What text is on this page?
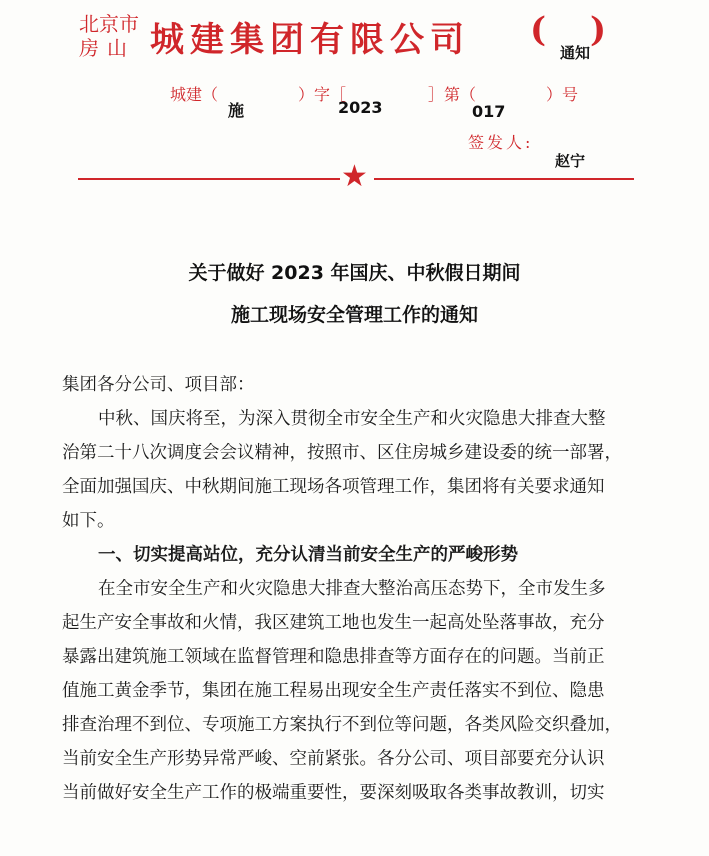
北京市
房山 城建集团有限公司 ( )
通知
城建（
施
）字［
2023
］第（
017
）号
签发人:
赵宁
★
关于做好 2023 年国庆、中秋假日期间
施工现场安全管理工作的通知
集团各分公司、项目部：
中秋、国庆将至，为深入贯彻全市安全生产和火灾隐患大排查大整
治第二十八次调度会会议精神，按照市、区住房城乡建设委的统一部署，
全面加强国庆、中秋期间施工现场各项管理工作，集团将有关要求通知
如下。
一、切实提高站位，充分认清当前安全生产的严峻形势
在全市安全生产和火灾隐患大排查大整治高压态势下，全市发生多
起生产安全事故和火情，我区建筑工地也发生一起高处坠落事故，充分
暴露出建筑施工领域在监督管理和隐患排查等方面存在的问题。当前正
值施工黄金季节，集团在施工程易出现安全生产责任落实不到位、隐患
排查治理不到位、专项施工方案执行不到位等问题，各类风险交织叠加，
当前安全生产形势异常严峻、空前紧张。各分公司、项目部要充分认识
当前做好安全生产工作的极端重要性，要深刻吸取各类事故教训，切实
